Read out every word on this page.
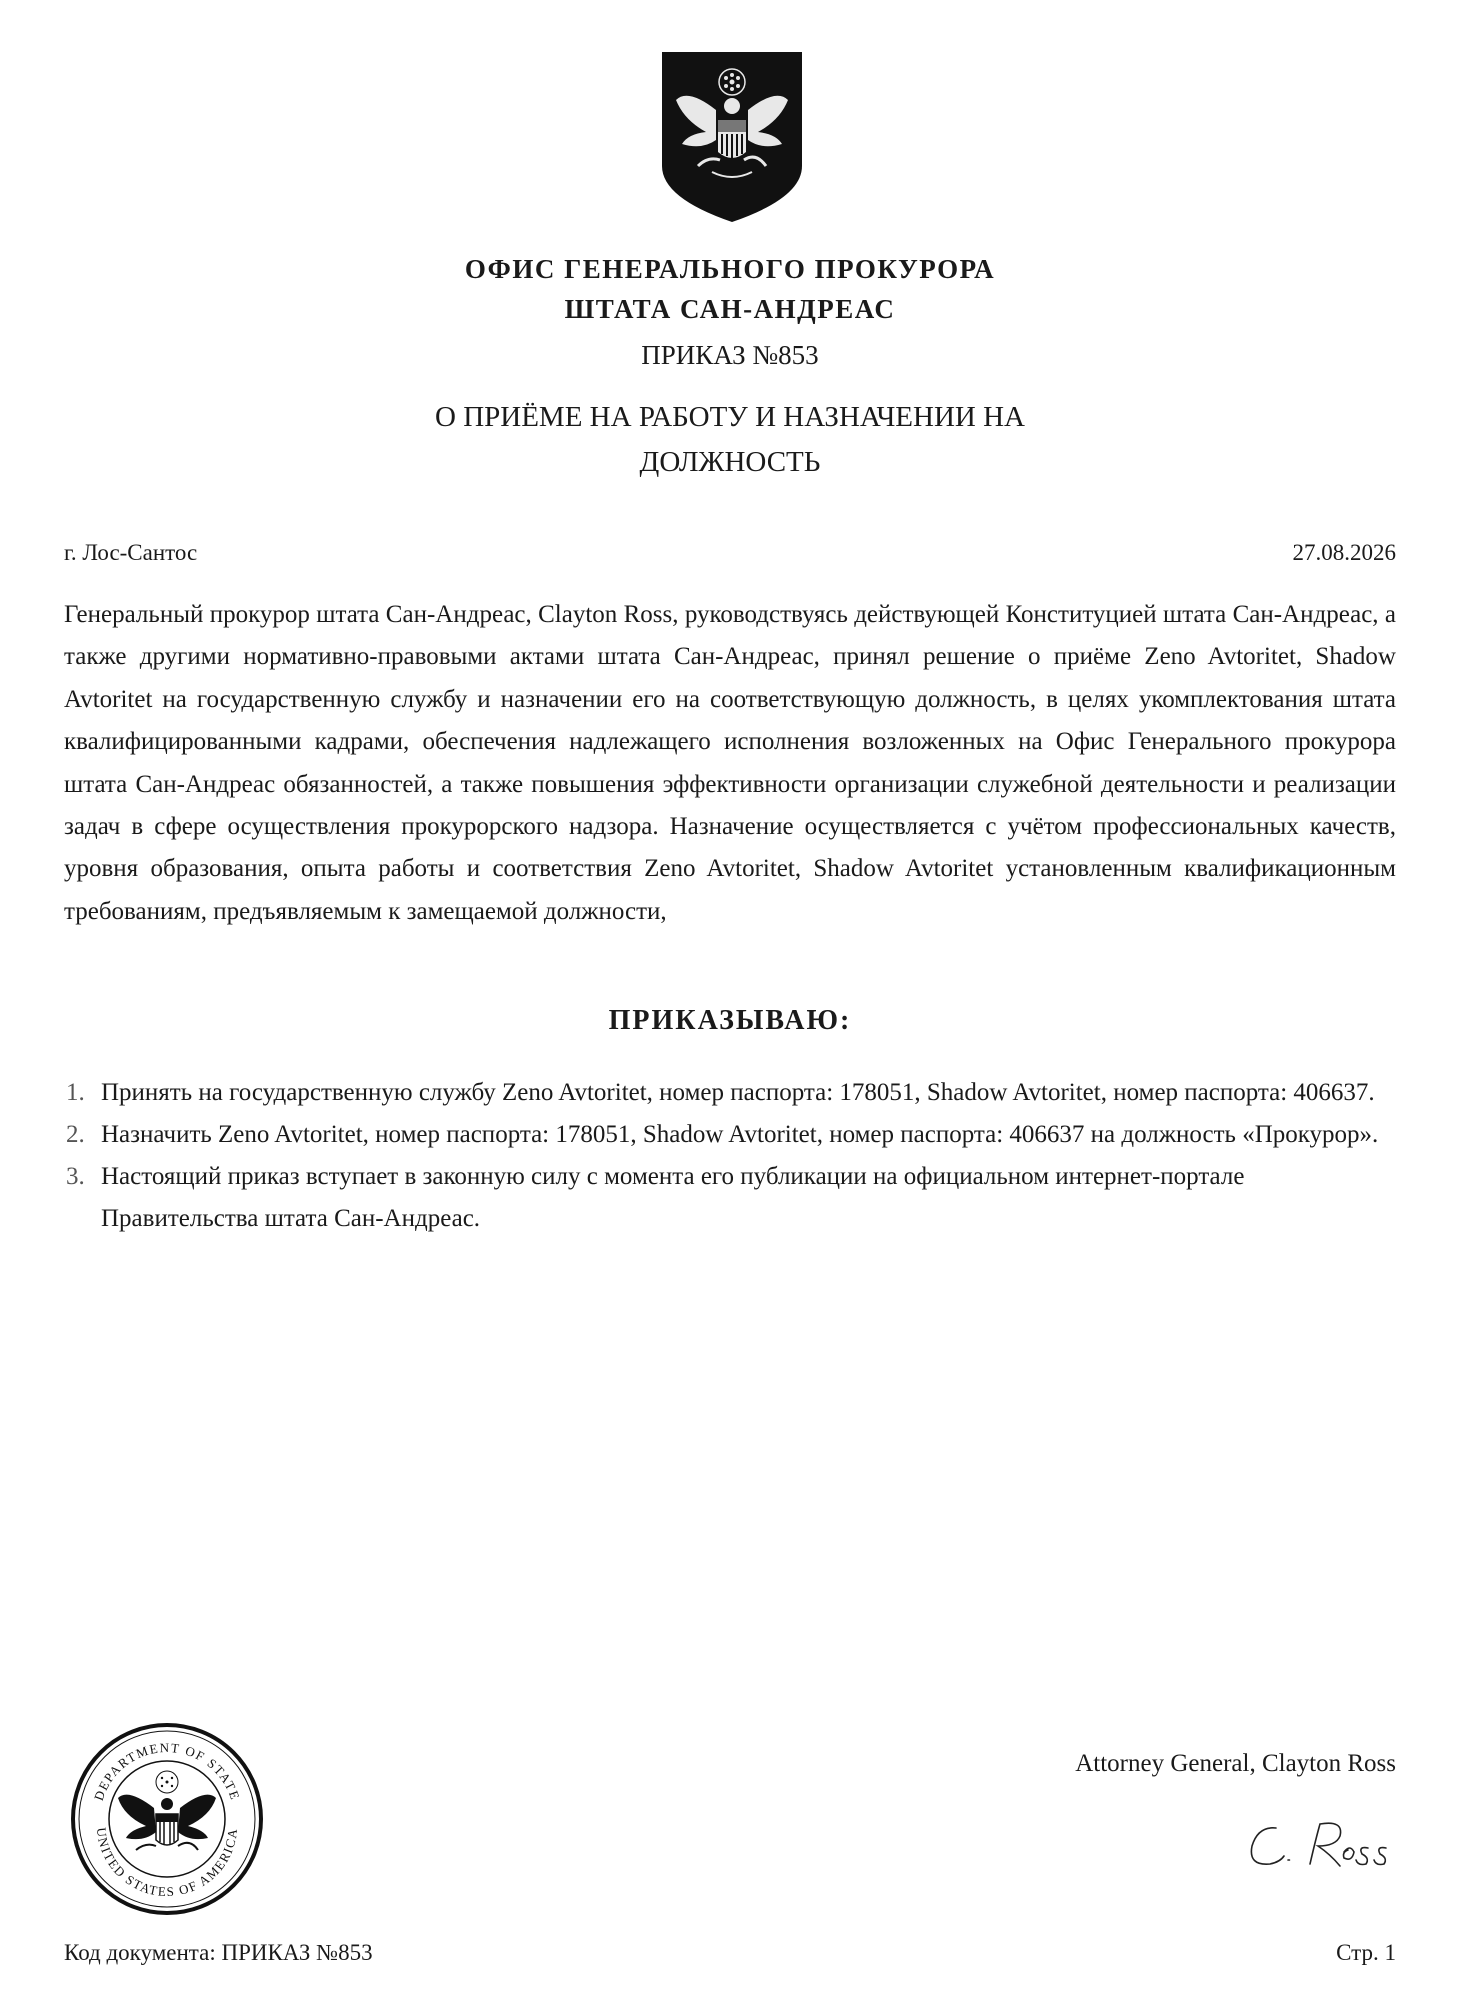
ОФИС ГЕНЕРАЛЬНОГО ПРОКУРОРА
ШТАТА САН-АНДРЕАС
ПРИКАЗ №853
О ПРИЁМЕ НА РАБОТУ И НАЗНАЧЕНИИ НА
ДОЛЖНОСТЬ
г. Лос-Сантос	27.08.2026

Генеральный прокурор штата Сан-Андреас, Clayton Ross, руководствуясь действующей Конституцией штата Сан-Андреас, а также другими нормативно-правовыми актами штата Сан-Андреас, принял решение о приёме Zeno Avtoritet, Shadow Avtoritet на государственную службу и назначении его на соответствующую должность, в целях укомплектования штата квалифицированными кадрами, обеспечения надлежащего исполнения возложенных на Офис Генерального прокурора штата Сан-Андреас обязанностей, а также повышения эффективности организации служебной деятельности и реализации задач в сфере осуществления прокурорского надзора. Назначение осуществляется с учётом профессиональных качеств, уровня образования, опыта работы и соответствия Zeno Avtoritet, Shadow Avtoritet установленным квалификационным требованиям, предъявляемым к замещаемой должности,

ПРИКАЗЫВАЮ:
1. Принять на государственную службу Zeno Avtoritet, номер паспорта: 178051, Shadow Avtoritet, номер паспорта: 406637.
2. Назначить Zeno Avtoritet, номер паспорта: 178051, Shadow Avtoritet, номер паспорта: 406637 на должность «Прокурор».
3. Настоящий приказ вступает в законную силу с момента его публикации на официальном интернет-портале Правительства штата Сан-Андреас.
DEPARTMENT OF STATE
UNITED STATES OF AMERICA
Attorney General, Clayton Ross
Код документа: ПРИКАЗ №853	Стр. 1
